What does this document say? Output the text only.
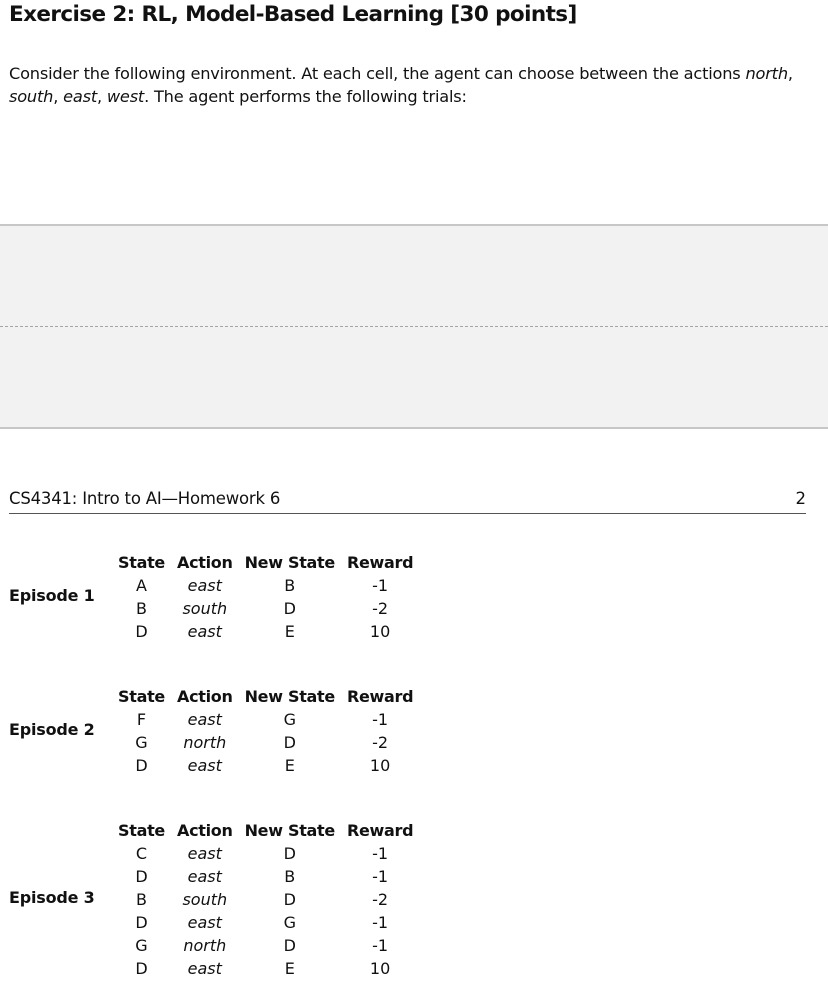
Exercise 2: RL, Model-Based Learning [30 points]

Consider the following environment. At each cell, the agent can choose between the actions north,
south, east, west. The agent performs the following trials:

CS4341: Intro to AI—Homework 6	2
Episode 1
State	Action	New State	Reward
A	east	B	-1
B	south	D	-2
D	east	E	10
Episode 2
State	Action	New State	Reward
F	east	G	-1
G	north	D	-2
D	east	E	10
Episode 3
State	Action	New State	Reward
C	east	D	-1
D	east	B	-1
B	south	D	-2
D	east	G	-1
G	north	D	-1
D	east	E	10
